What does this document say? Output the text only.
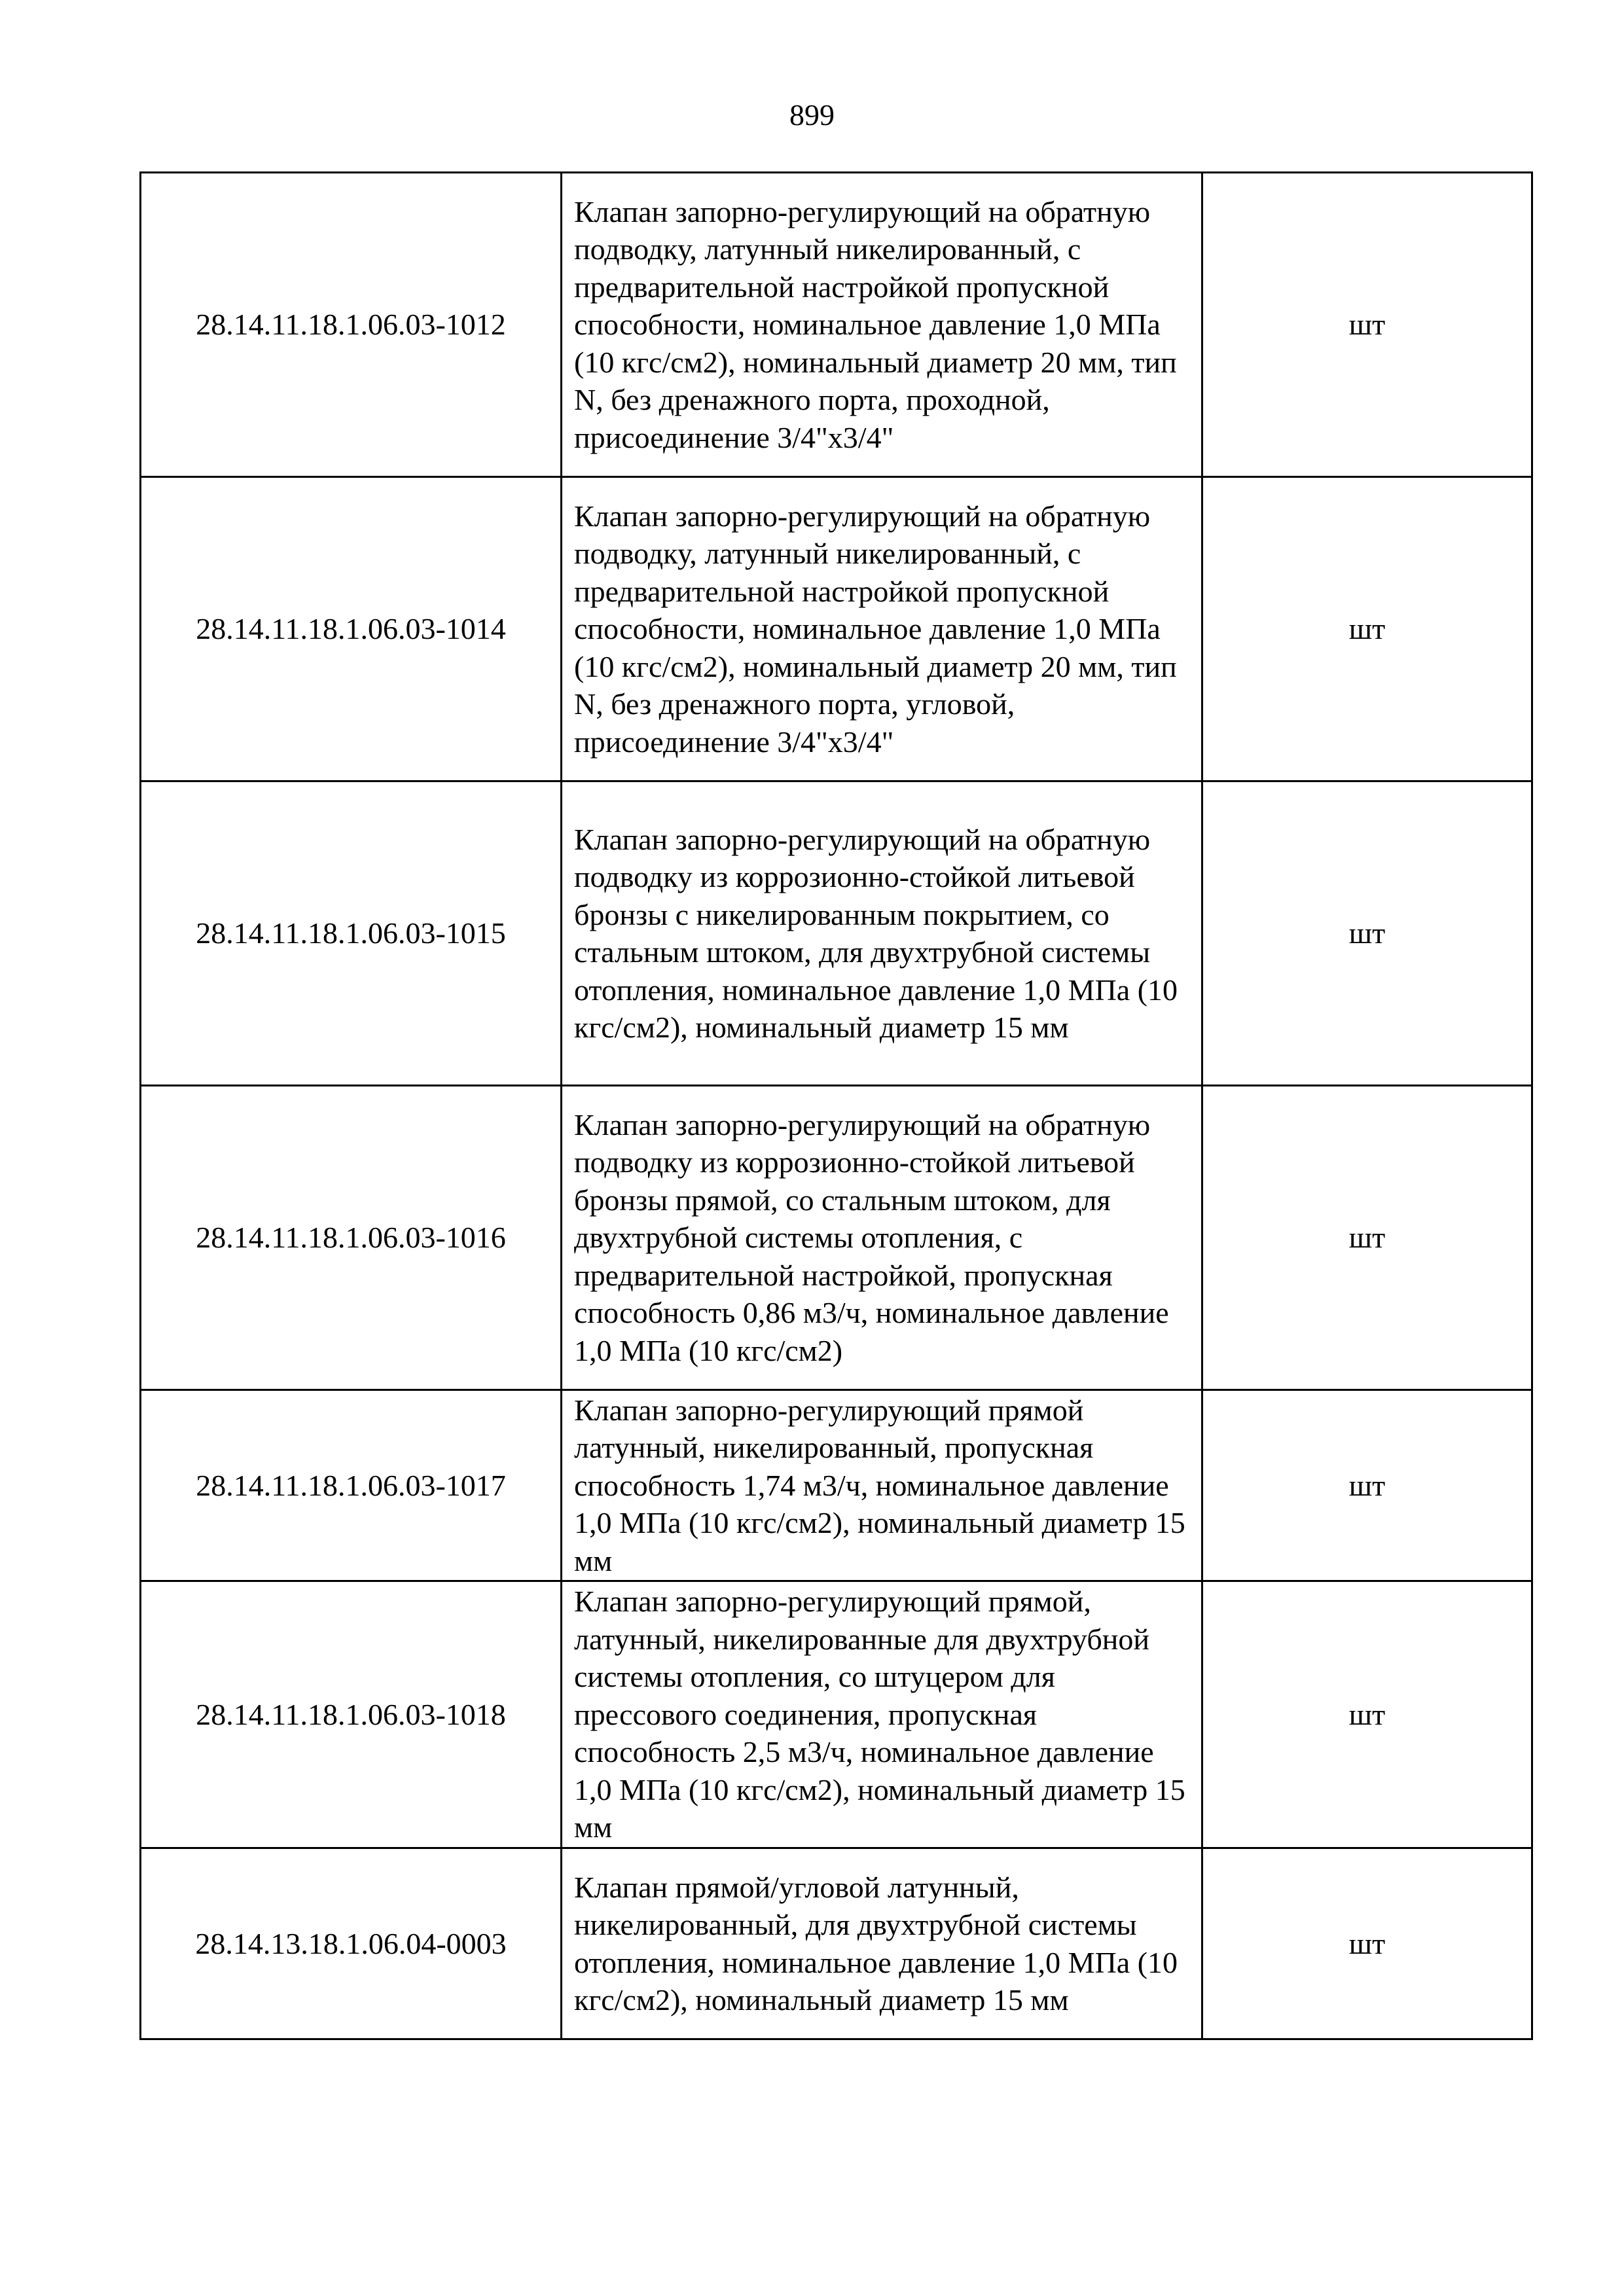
899
28.14.11.18.1.06.03-1012	Клапан запорно-регулирующий на обратную подводку, латунный никелированный, с предварительной настройкой пропускной способности, номинальное давление 1,0 МПа (10 кгс/см2), номинальный диаметр 20 мм, тип N, без дренажного порта, проходной, присоединение 3/4"x3/4"	шт
28.14.11.18.1.06.03-1014	Клапан запорно-регулирующий на обратную подводку, латунный никелированный, с предварительной настройкой пропускной способности, номинальное давление 1,0 МПа (10 кгс/см2), номинальный диаметр 20 мм, тип N, без дренажного порта, угловой, присоединение 3/4"x3/4"	шт
28.14.11.18.1.06.03-1015	Клапан запорно-регулирующий на обратную подводку из коррозионно-стойкой литьевой бронзы с никелированным покрытием, со стальным штоком, для двухтрубной системы отопления, номинальное давление 1,0 МПа (10 кгс/см2), номинальный диаметр 15 мм	шт
28.14.11.18.1.06.03-1016	Клапан запорно-регулирующий на обратную подводку из коррозионно-стойкой литьевой бронзы прямой, со стальным штоком, для двухтрубной системы отопления, с предварительной настройкой, пропускная способность 0,86 м3/ч, номинальное давление 1,0 МПа (10 кгс/см2)	шт
28.14.11.18.1.06.03-1017	Клапан запорно-регулирующий прямой латунный, никелированный, пропускная способность 1,74 м3/ч, номинальное давление 1,0 МПа (10 кгс/см2), номинальный диаметр 15 мм	шт
28.14.11.18.1.06.03-1018	Клапан запорно-регулирующий прямой, латунный, никелированные для двухтрубной системы отопления, со штуцером для прессового соединения, пропускная способность 2,5 м3/ч, номинальное давление 1,0 МПа (10 кгс/см2), номинальный диаметр 15 мм	шт
28.14.13.18.1.06.04-0003	Клапан прямой/угловой латунный, никелированный, для двухтрубной системы отопления, номинальное давление 1,0 МПа (10 кгс/см2), номинальный диаметр 15 мм	шт
